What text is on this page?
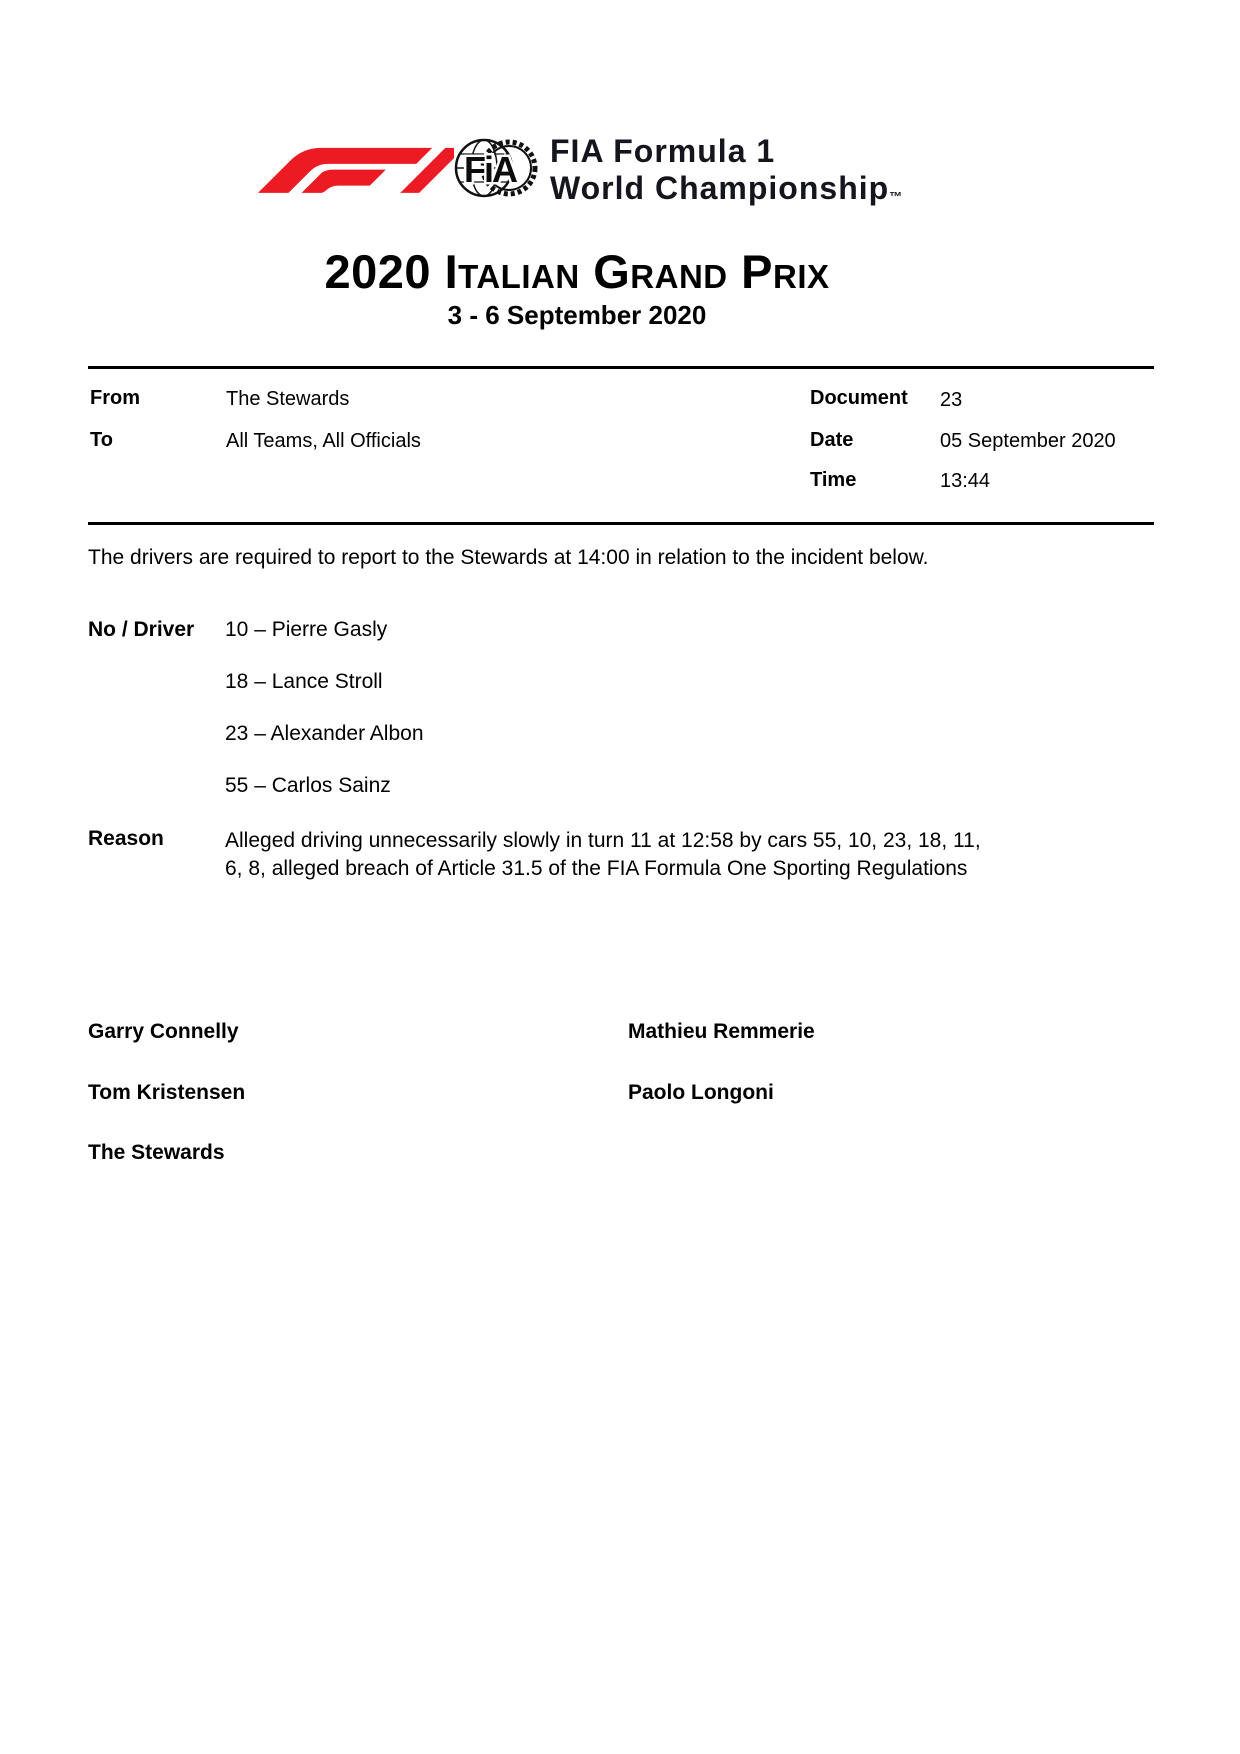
FiA FIA Formula 1
World Championship™
2020 Italian Grand Prix
3 - 6 September 2020
From	The Stewards	Document 23
To	All Teams, All Officials	Date	05 September 2020
Time	13:44
The drivers are required to report to the Stewards at 14:00 in relation to the incident below.
No / Driver 10 – Pierre Gasly
18 – Lance Stroll
23 – Alexander Albon
55 – Carlos Sainz
Reason	Alleged driving unnecessarily slowly in turn 11 at 12:58 by cars 55, 10, 23, 18, 11,
6, 8, alleged breach of Article 31.5 of the FIA Formula One Sporting Regulations
Garry Connelly	Mathieu Remmerie
Tom Kristensen	Paolo Longoni
The Stewards
